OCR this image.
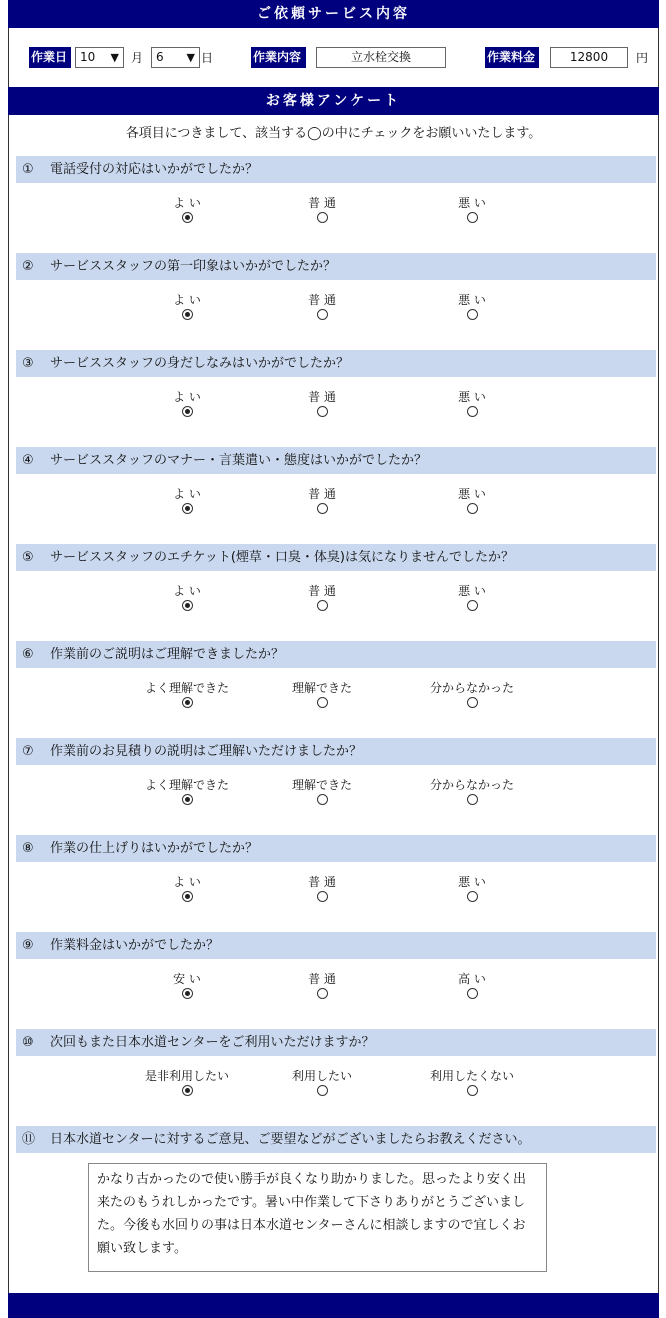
ご依頼サービス内容
作業日	10 ▼ 月	6 ▼ 日	作業内容	立水栓交換	作業料金	12800	円
お客様アンケート
各項目につきまして、該当する◯の中にチェックをお願いいたします。
① 電話受付の対応はいかがでしたか？
よ い	普 通	悪 い
② サービススタッフの第一印象はいかがでしたか？
よ い	普 通	悪 い
③ サービススタッフの身だしなみはいかがでしたか？
よ い	普 通	悪 い
④ サービススタッフのマナー・言葉遣い・態度はいかがでしたか？
よ い	普 通	悪 い
⑤ サービススタッフのエチケット(煙草・口臭・体臭)は気になりませんでしたか？
よ い	普 通	悪 い
⑥ 作業前のご説明はご理解できましたか？
よく理解できた	理解できた	分からなかった
⑦ 作業前のお見積りの説明はご理解いただけましたか？
よく理解できた	理解できた	分からなかった
⑧ 作業の仕上げりはいかがでしたか？
よ い	普 通	悪 い
⑨ 作業料金はいかがでしたか？
安 い	普 通	高 い
⑩ 次回もまた日本水道センターをご利用いただけますか？
是非利用したい	利用したい	利用したくない
⑪ 日本水道センターに対するご意見、ご要望などがございましたらお教えください。
かなり古かったので使い勝手が良くなり助かりました。思ったより安く出来たのもうれしかったです。暑い中作業して下さりありがとうございました。今後も水回りの事は日本水道センターさんに相談しますので宜しくお願い致します。
